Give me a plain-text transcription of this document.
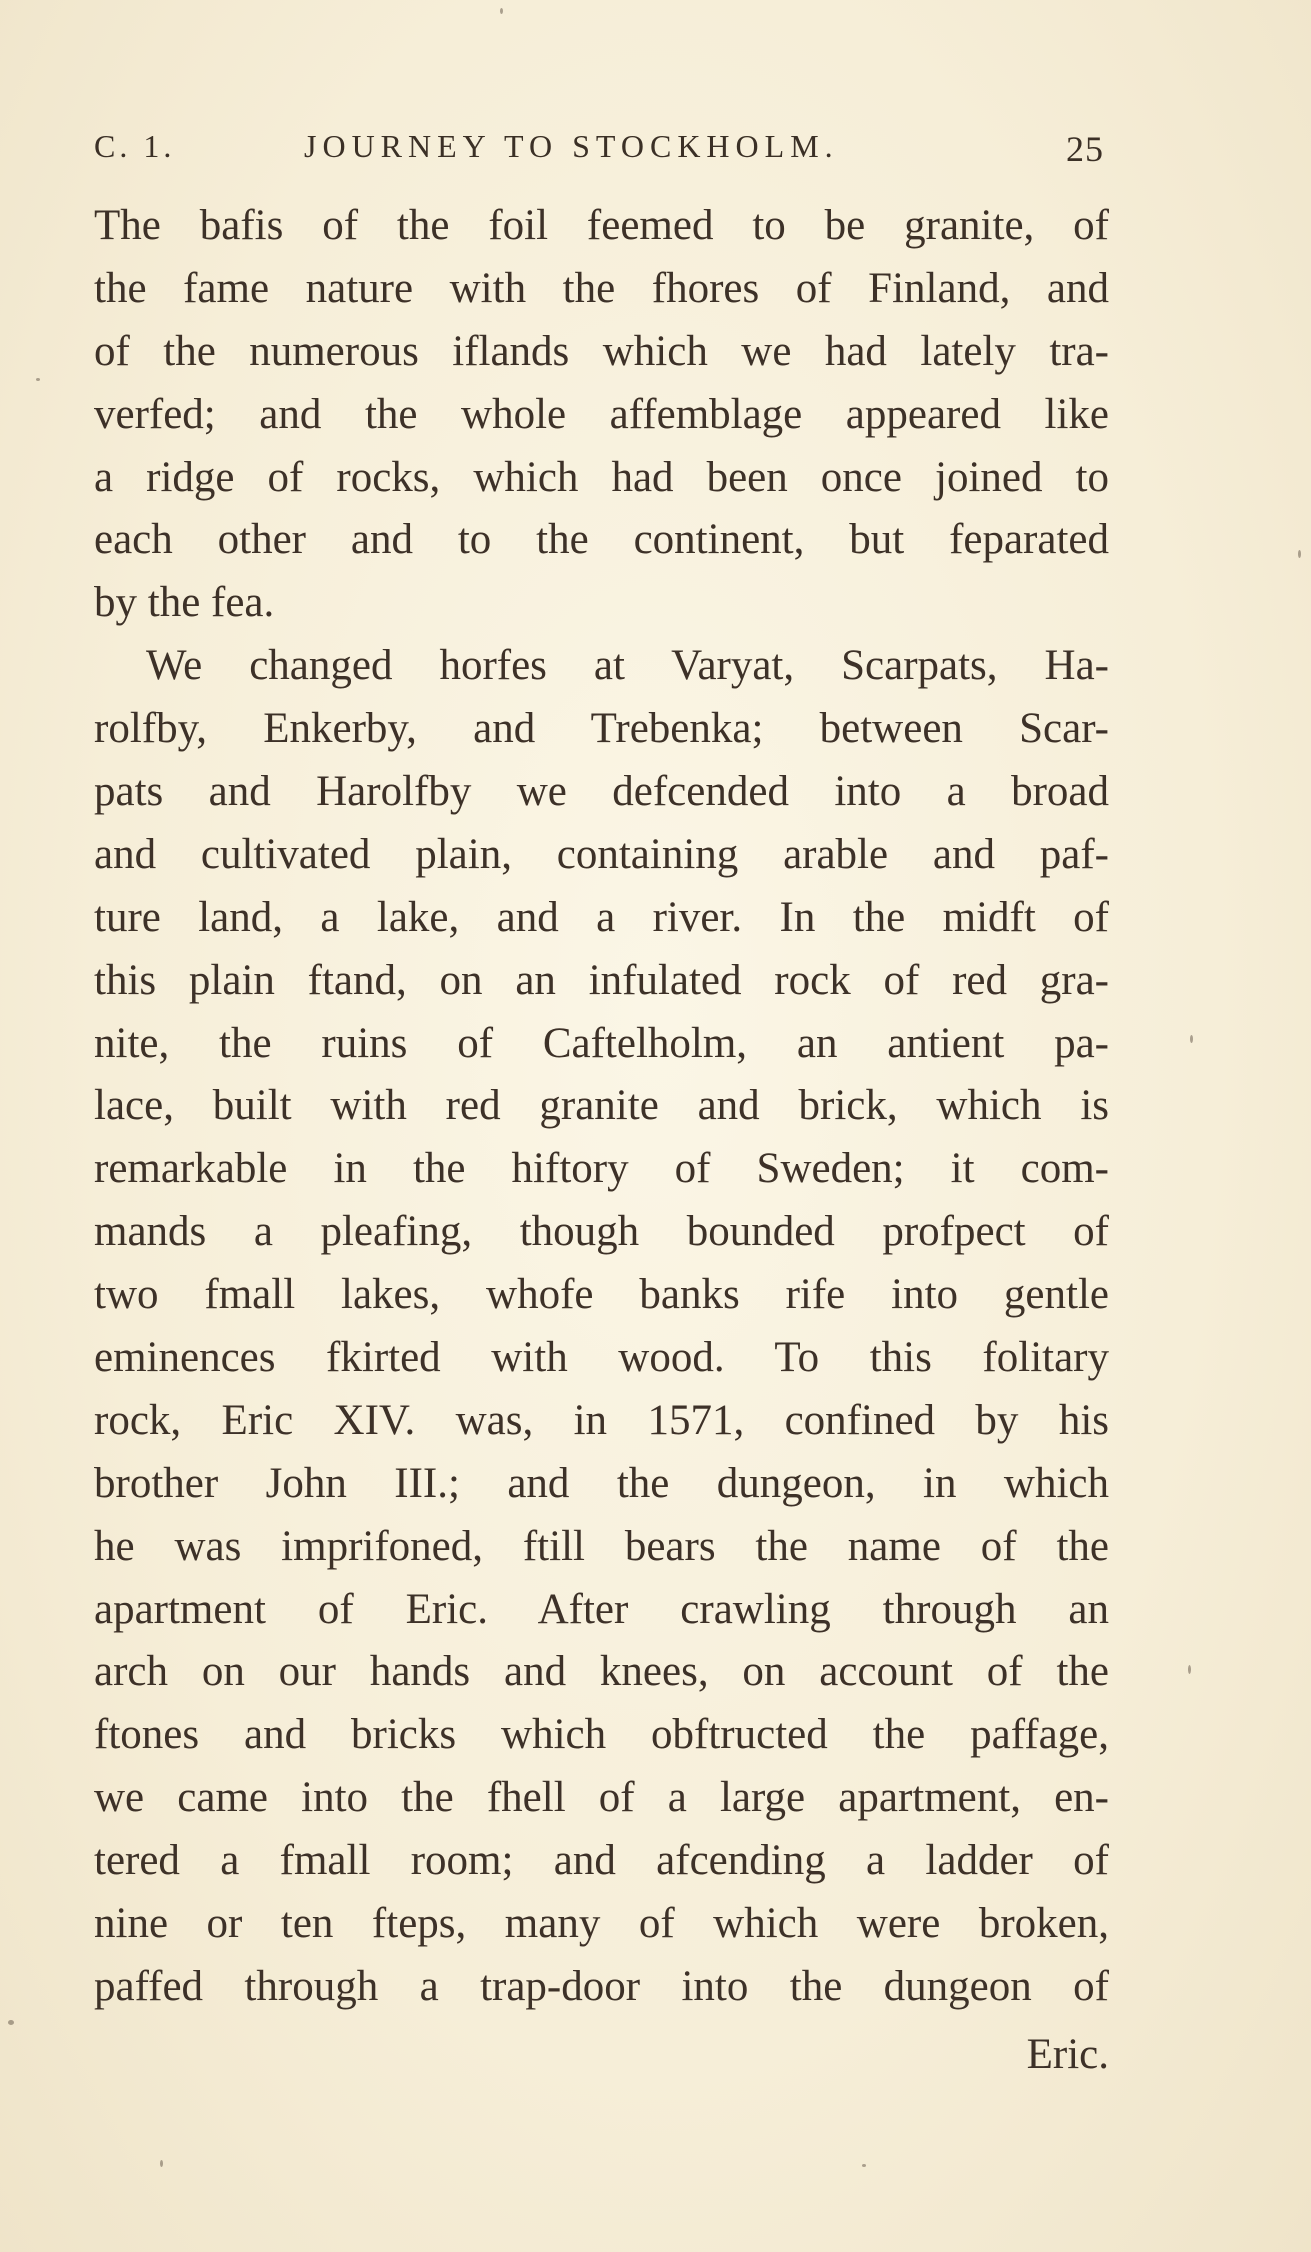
C. 1.	JOURNEY TO STOCKHOLM.	25
The bafis of the foil feemed to be granite, of
the fame nature with the fhores of Finland, and
of the numerous iflands which we had lately tra-
verfed; and the whole affemblage appeared like
a ridge of rocks, which had been once joined to
each other and to the continent, but feparated
by the fea.
We changed horfes at Varyat, Scarpats, Ha-
rolfby, Enkerby, and Trebenka; between Scar-
pats and Harolfby we defcended into a broad
and cultivated plain, containing arable and paf-
ture land, a lake, and a river. In the midft of
this plain ftand, on an infulated rock of red gra-
nite, the ruins of Caftelholm, an antient pa-
lace, built with red granite and brick, which is
remarkable in the hiftory of Sweden; it com-
mands a pleafing, though bounded profpect of
two fmall lakes, whofe banks rife into gentle
eminences fkirted with wood. To this folitary
rock, Eric XIV. was, in 1571, confined by his
brother John III.; and the dungeon, in which
he was imprifoned, ftill bears the name of the
apartment of Eric. After crawling through an
arch on our hands and knees, on account of the
ftones and bricks which obftructed the paffage,
we came into the fhell of a large apartment, en-
tered a fmall room; and afcending a ladder of
nine or ten fteps, many of which were broken,
paffed through a trap-door into the dungeon of
Eric.
